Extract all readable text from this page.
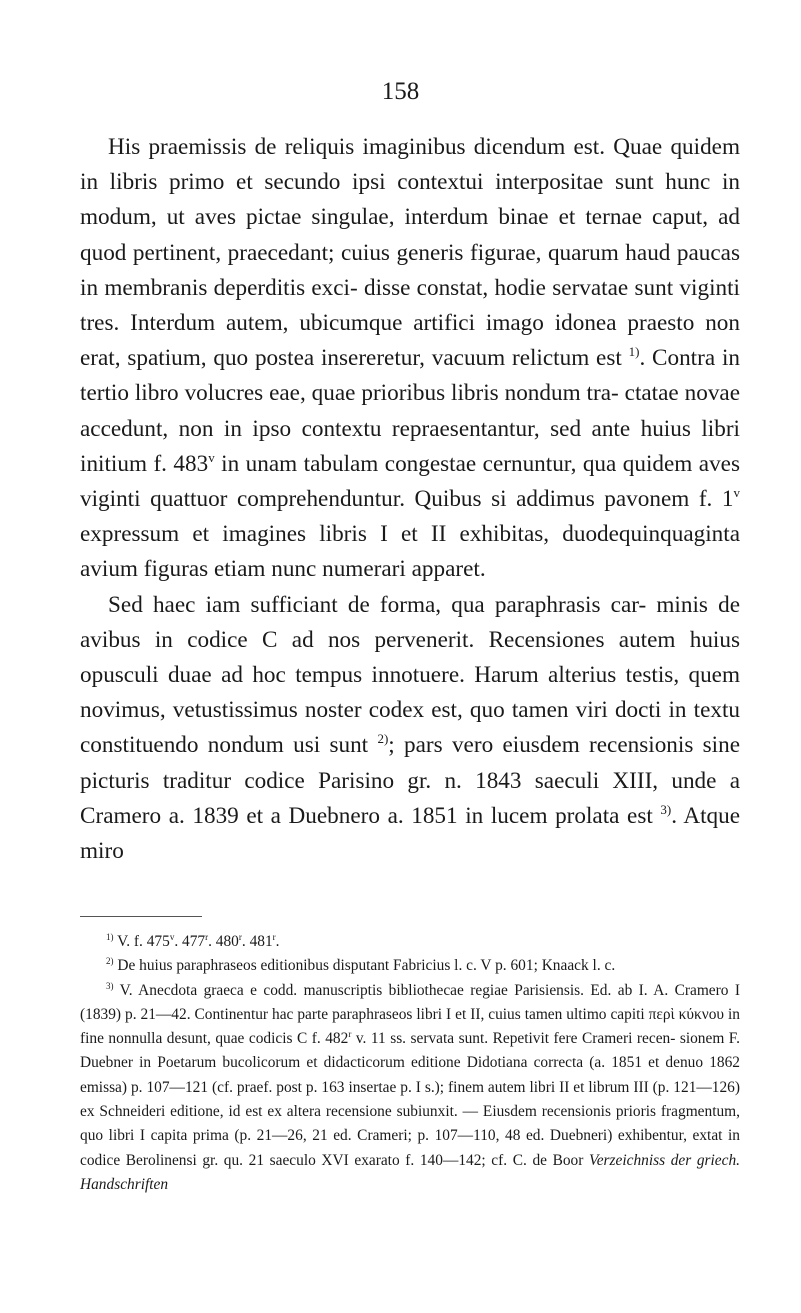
158

His praemissis de reliquis imaginibus dicendum est. Quae quidem in libris primo et secundo ipsi contextui interpositae sunt hunc in modum, ut aves pictae singulae, interdum binae et ternae caput, ad quod pertinent, praecedant; cuius generis figurae, quarum haud paucas in membranis deperditis exci- disse constat, hodie servatae sunt viginti tres. Interdum autem, ubicumque artifici imago idonea praesto non erat, spatium, quo postea insereretur, vacuum relictum est $^{1)}$. Contra in tertio libro volucres eae, quae prioribus libris nondum tra- ctatae novae accedunt, non in ipso contextu repraesentantur, sed ante huius libri initium f. 483$^v$ in unam tabulam congestae cernuntur, qua quidem aves viginti quattuor comprehenduntur. Quibus si addimus pavonem f. 1$^v$ expressum et imagines libris I et II exhibitas, duodequinquaginta avium figuras etiam nunc numerari apparet.

Sed haec iam sufficiant de forma, qua paraphrasis car- minis de avibus in codice C ad nos pervenerit. Recensiones autem huius opusculi duae ad hoc tempus innotuere. Harum alterius testis, quem novimus, vetustissimus noster codex est, quo tamen viri docti in textu constituendo nondum usi sunt $^{2)}$; pars vero eiusdem recensionis sine picturis traditur codice Parisino gr. n. 1843 saeculi XIII, unde a Cramero a. 1839 et a Duebnero a. 1851 in lucem prolata est $^{3)}$. Atque miro

$^{1)}$ V. f. 475$^v$. 477$^r$. 480$^r$. 481$^r$.

$^{2)}$ De huius paraphraseos editionibus disputant Fabricius l. c. V p. 601; Knaack l. c.

$^{3)}$ V. Anecdota graeca e codd. manuscriptis bibliothecae regiae Parisiensis. Ed. ab I. A. Cramero I (1839) p. 21—42. Continentur hac parte paraphraseos libri I et II, cuius tamen ultimo capiti περὶ κύκνου in fine nonnulla desunt, quae codicis C f. 482$^r$ v. 11 ss. servata sunt. Repetivit fere Crameri recen- sionem F. Duebner in Poetarum bucolicorum et didacticorum editione Didotiana correcta (a. 1851 et denuo 1862 emissa) p. 107—121 (cf. praef. post p. 163 insertae p. I s.); finem autem libri II et librum III (p. 121—126) ex Schneideri editione, id est ex altera recensione subiunxit. — Eiusdem recensionis prioris fragmentum, quo libri I capita prima (p. 21—26, 21 ed. Crameri; p. 107—110, 48 ed. Duebneri) exhibentur, extat in codice Berolinensi gr. qu. 21 saeculo XVI exarato f. 140—142; cf. C. de Boor Verzeichniss der griech. Handschriften
